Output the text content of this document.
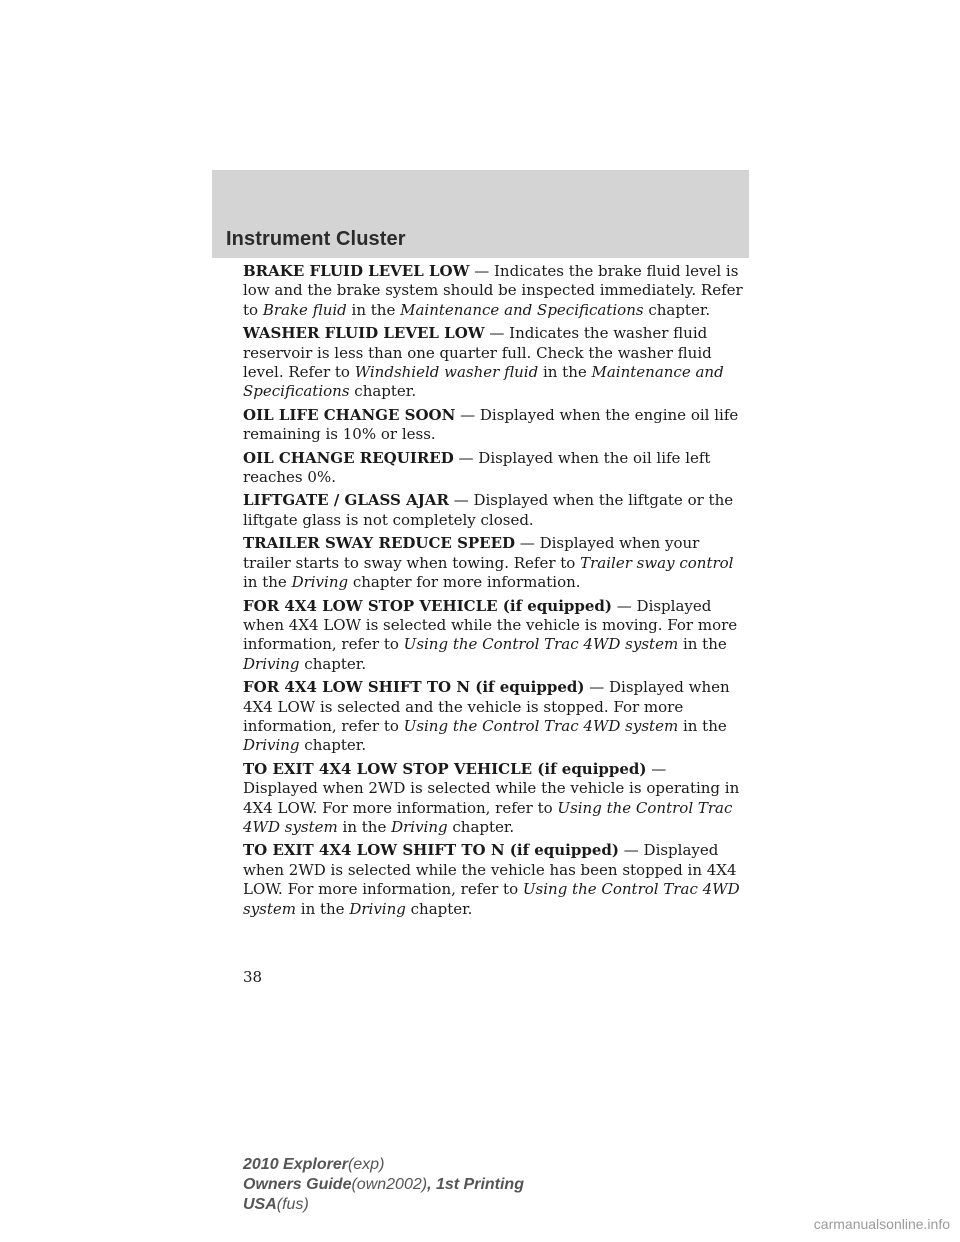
Instrument Cluster

BRAKE FLUID LEVEL LOW — Indicates the brake fluid level is low and the brake system should be inspected immediately. Refer to Brake fluid in the Maintenance and Specifications chapter.

WASHER FLUID LEVEL LOW — Indicates the washer fluid reservoir is less than one quarter full. Check the washer fluid level. Refer to Windshield washer fluid in the Maintenance and Specifications chapter.

OIL LIFE CHANGE SOON — Displayed when the engine oil life remaining is 10% or less.

OIL CHANGE REQUIRED — Displayed when the oil life left reaches 0%.

LIFTGATE / GLASS AJAR — Displayed when the liftgate or the liftgate glass is not completely closed.

TRAILER SWAY REDUCE SPEED — Displayed when your trailer starts to sway when towing. Refer to Trailer sway control in the Driving chapter for more information.

FOR 4X4 LOW STOP VEHICLE (if equipped) — Displayed when 4X4 LOW is selected while the vehicle is moving. For more information, refer to Using the Control Trac 4WD system in the Driving chapter.

FOR 4X4 LOW SHIFT TO N (if equipped) — Displayed when 4X4 LOW is selected and the vehicle is stopped. For more information, refer to Using the Control Trac 4WD system in the Driving chapter.

TO EXIT 4X4 LOW STOP VEHICLE (if equipped) — Displayed when 2WD is selected while the vehicle is operating in 4X4 LOW. For more information, refer to Using the Control Trac 4WD system in the Driving chapter.

TO EXIT 4X4 LOW SHIFT TO N (if equipped) — Displayed when 2WD is selected while the vehicle has been stopped in 4X4 LOW. For more information, refer to Using the Control Trac 4WD system in the Driving chapter.

38
2010 Explorer(exp)
Owners Guide(own2002), 1st Printing
USA(fus)
carmanualsonline.info
